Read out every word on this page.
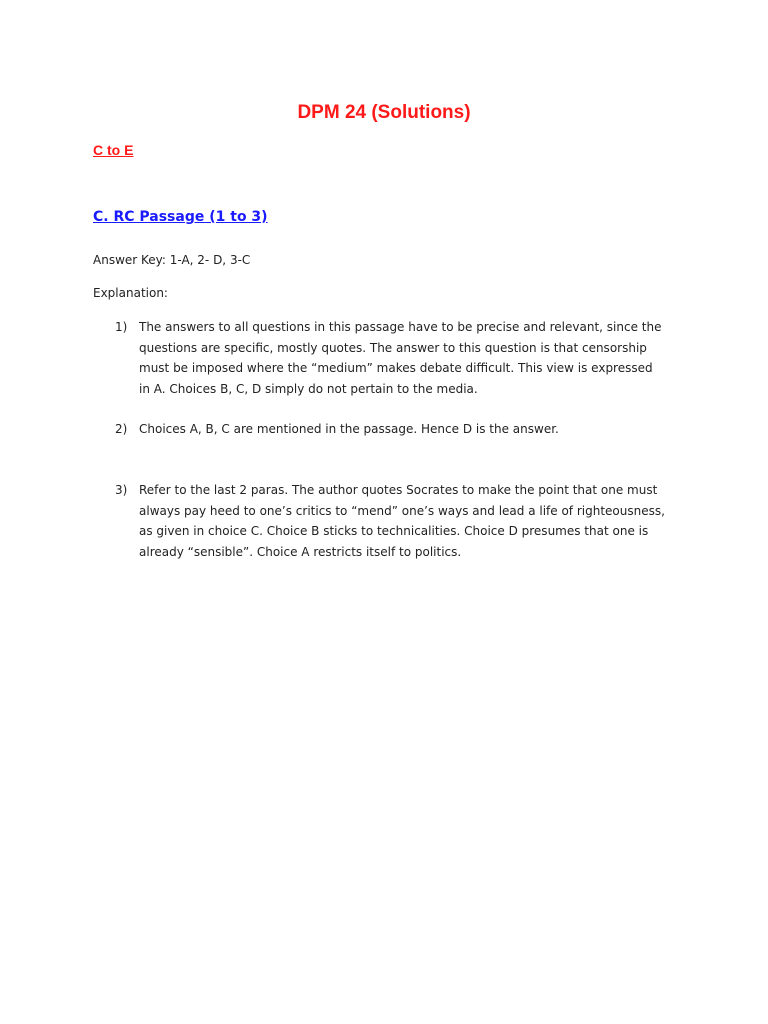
DPM 24 (Solutions)
C to E
C. RC Passage (1 to 3)
Answer Key: 1-A, 2- D, 3-C
Explanation:
1) The answers to all questions in this passage have to be precise and relevant, since the questions are specific, mostly quotes. The answer to this question is that censorship must be imposed where the “medium” makes debate difficult. This view is expressed in A. Choices B, C, D simply do not pertain to the media.
2) Choices A, B, C are mentioned in the passage. Hence D is the answer.
3) Refer to the last 2 paras. The author quotes Socrates to make the point that one must always pay heed to one’s critics to “mend” one’s ways and lead a life of righteousness, as given in choice C. Choice B sticks to technicalities. Choice D presumes that one is already “sensible”. Choice A restricts itself to politics.
